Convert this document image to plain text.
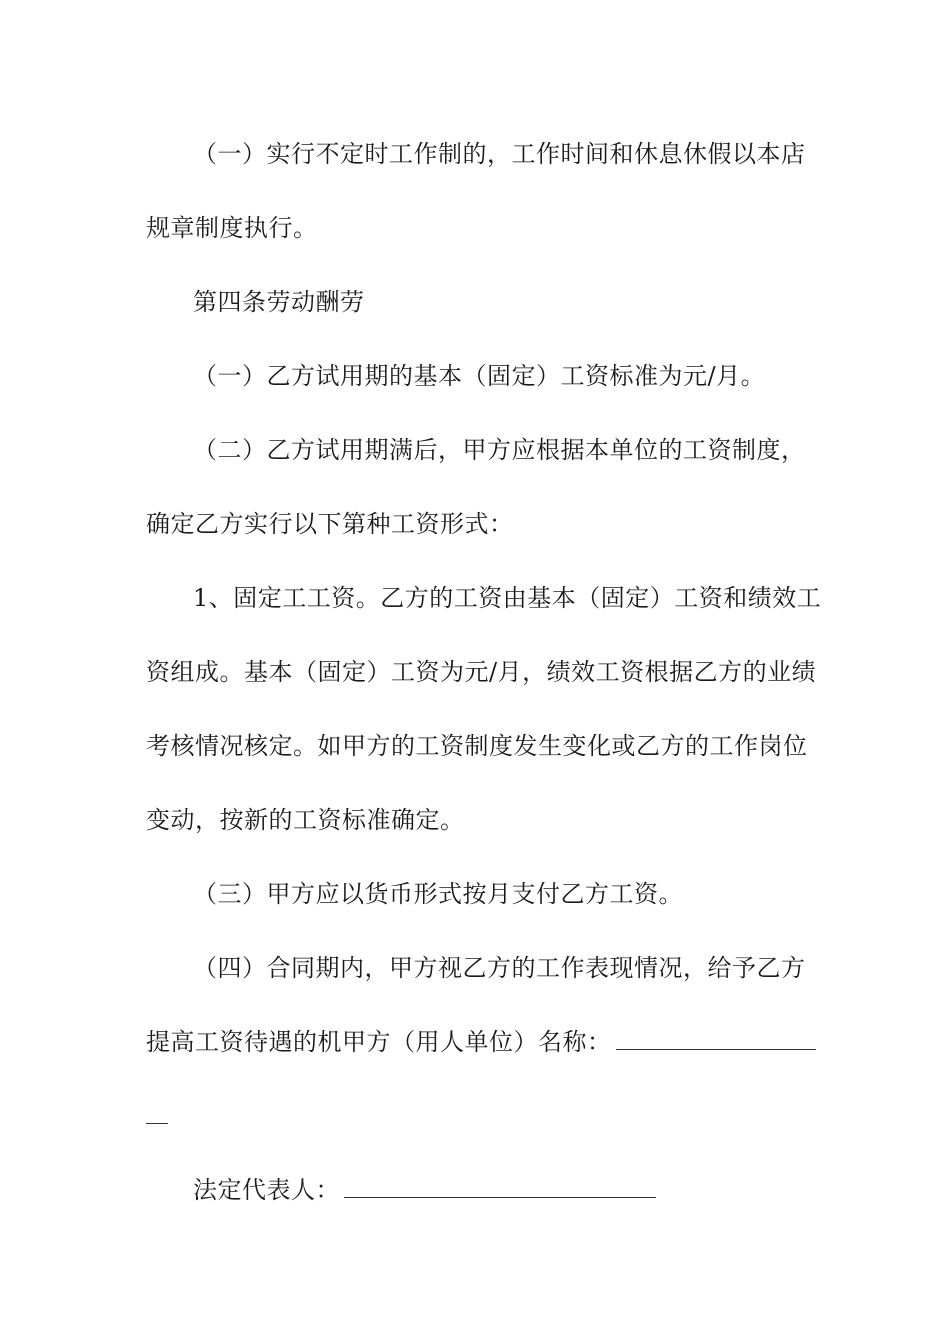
（一）实行不定时工作制的，工作时间和休息休假以本店
规章制度执行。
第四条劳动酬劳
（一）乙方试用期的基本（固定）工资标准为元/月。
（二）乙方试用期满后，甲方应根据本单位的工资制度，
确定乙方实行以下第种工资形式：
1、固定工工资。乙方的工资由基本（固定）工资和绩效工
资组成。基本（固定）工资为元/月，绩效工资根据乙方的业绩
考核情况核定。如甲方的工资制度发生变化或乙方的工作岗位
变动，按新的工资标准确定。
（三）甲方应以货币形式按月支付乙方工资。
（四）合同期内，甲方视乙方的工作表现情况，给予乙方
提高工资待遇的机甲方（用人单位）名称：
法定代表人：
